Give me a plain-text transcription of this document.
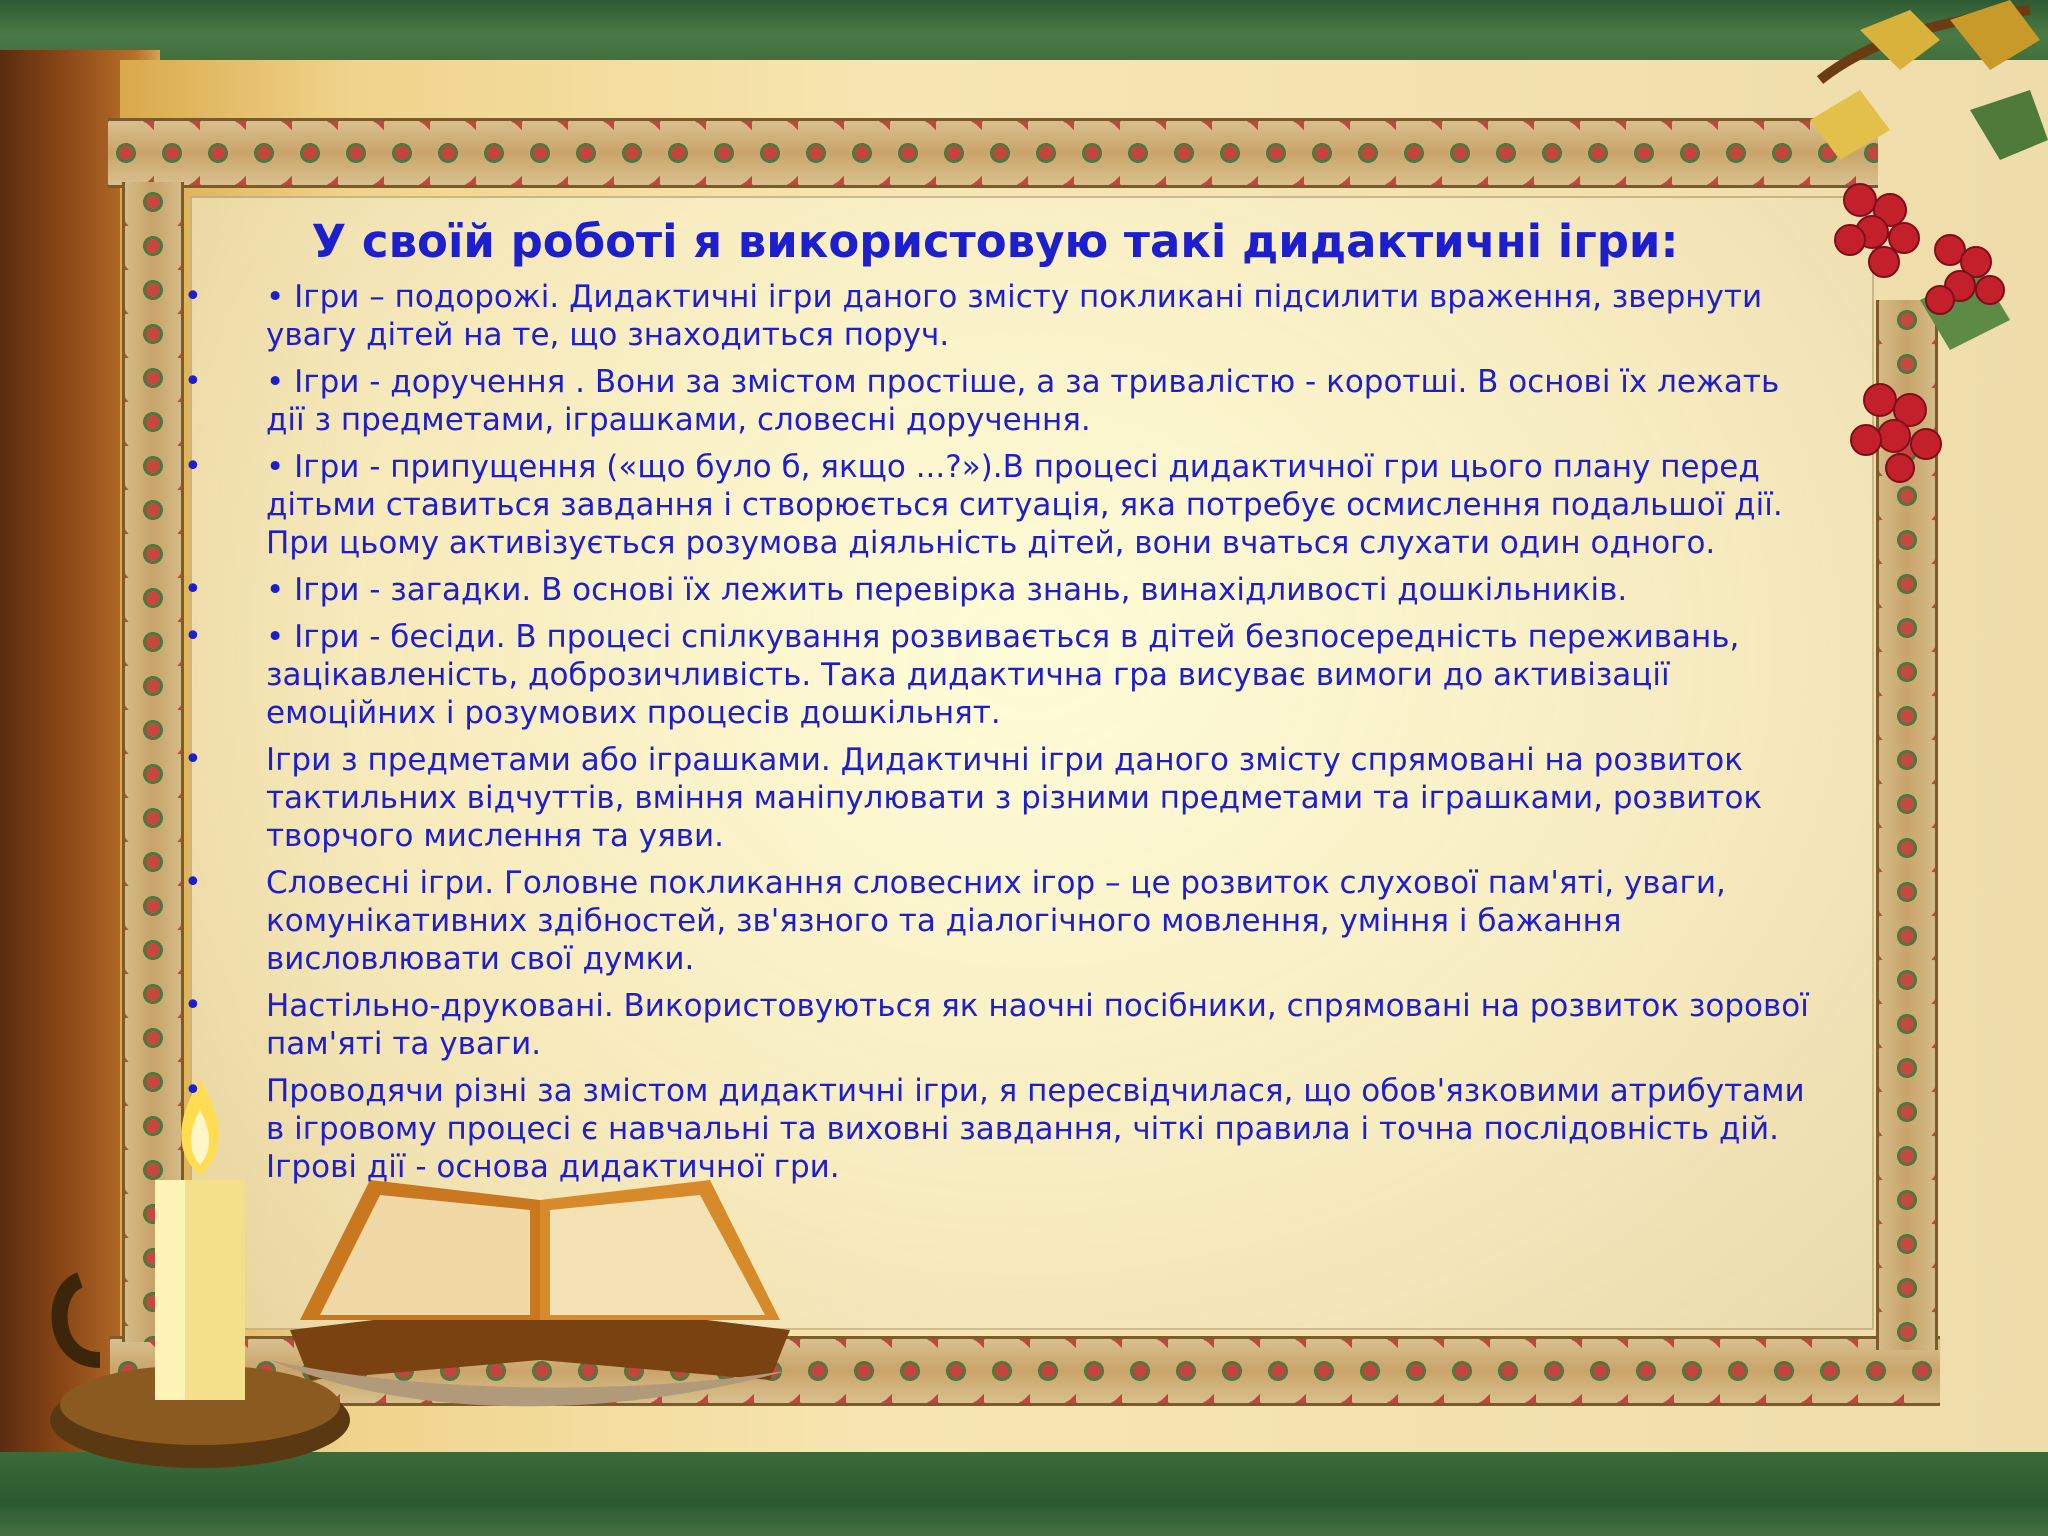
У своїй роботі я використовую такі дидактичні ігри:
• • Ігри – подорожі. Дидактичні ігри даного змісту покликані підсилити враження, звернути увагу дітей на те, що знаходиться поруч.
• • Ігри - доручення . Вони за змістом простіше, а за тривалістю - коротші. В основі їх лежать дії з предметами, іграшками, словесні доручення.
• • Ігри - припущення («що було б, якщо ...?»).В процесі дидактичної гри цього плану перед дітьми ставиться завдання і створюється ситуація, яка потребує осмислення подальшої дії. При цьому активізується розумова діяльність дітей, вони вчаться слухати один одного.
• • Ігри - загадки. В основі їх лежить перевірка знань, винахідливості дошкільників.
• • Ігри - бесіди. В процесі спілкування розвивається в дітей безпосередність переживань, зацікавленість, доброзичливість. Така дидактична гра висуває вимоги до активізації емоційних і розумових процесів дошкільнят.
• Ігри з предметами або іграшками. Дидактичні ігри даного змісту спрямовані на розвиток тактильних відчуттів, вміння маніпулювати з різними предметами та іграшками, розвиток творчого мислення та уяви.
• Словесні ігри. Головне покликання словесних ігор – це розвиток слухової пам'яті, уваги, комунікативних здібностей, зв'язного та діалогічного мовлення, уміння і бажання висловлювати свої думки.
• Настільно-друковані. Використовуються як наочні посібники, спрямовані на розвиток зорової пам'яті та уваги.
• Проводячи різні за змістом дидактичні ігри, я пересвідчилася, що обов'язковими атрибутами в ігровому процесі є навчальні та виховні завдання, чіткі правила і точна послідовність дій. Ігрові дії - основа дидактичної гри.
